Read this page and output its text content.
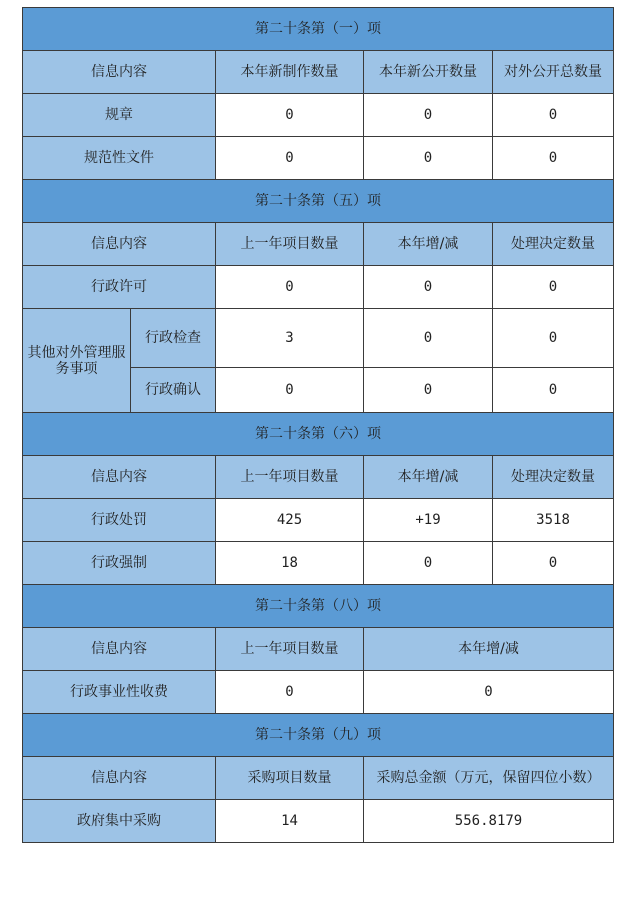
第二十条第（一）项				
信息内容		本年新制作数量	本年新公开数量	对外公开总数量
规章		0	0	0
规范性文件		0	0	0
第二十条第（五）项				
信息内容		上一年项目数量	本年增/减	处理决定数量
行政许可		0	0	0
其他对外管理服务事项	行政检查	3	0	0
	行政确认	0	0	0
第二十条第（六）项				
信息内容		上一年项目数量	本年增/减	处理决定数量
行政处罚		425	+19	3518
行政强制		18	0	0
第二十条第（八）项				
信息内容		上一年项目数量	本年增/减	
行政事业性收费		0	0	
第二十条第（九）项				
信息内容		采购项目数量	采购总金额（万元，保留四位小数）	
政府集中采购		14	556.8179	
